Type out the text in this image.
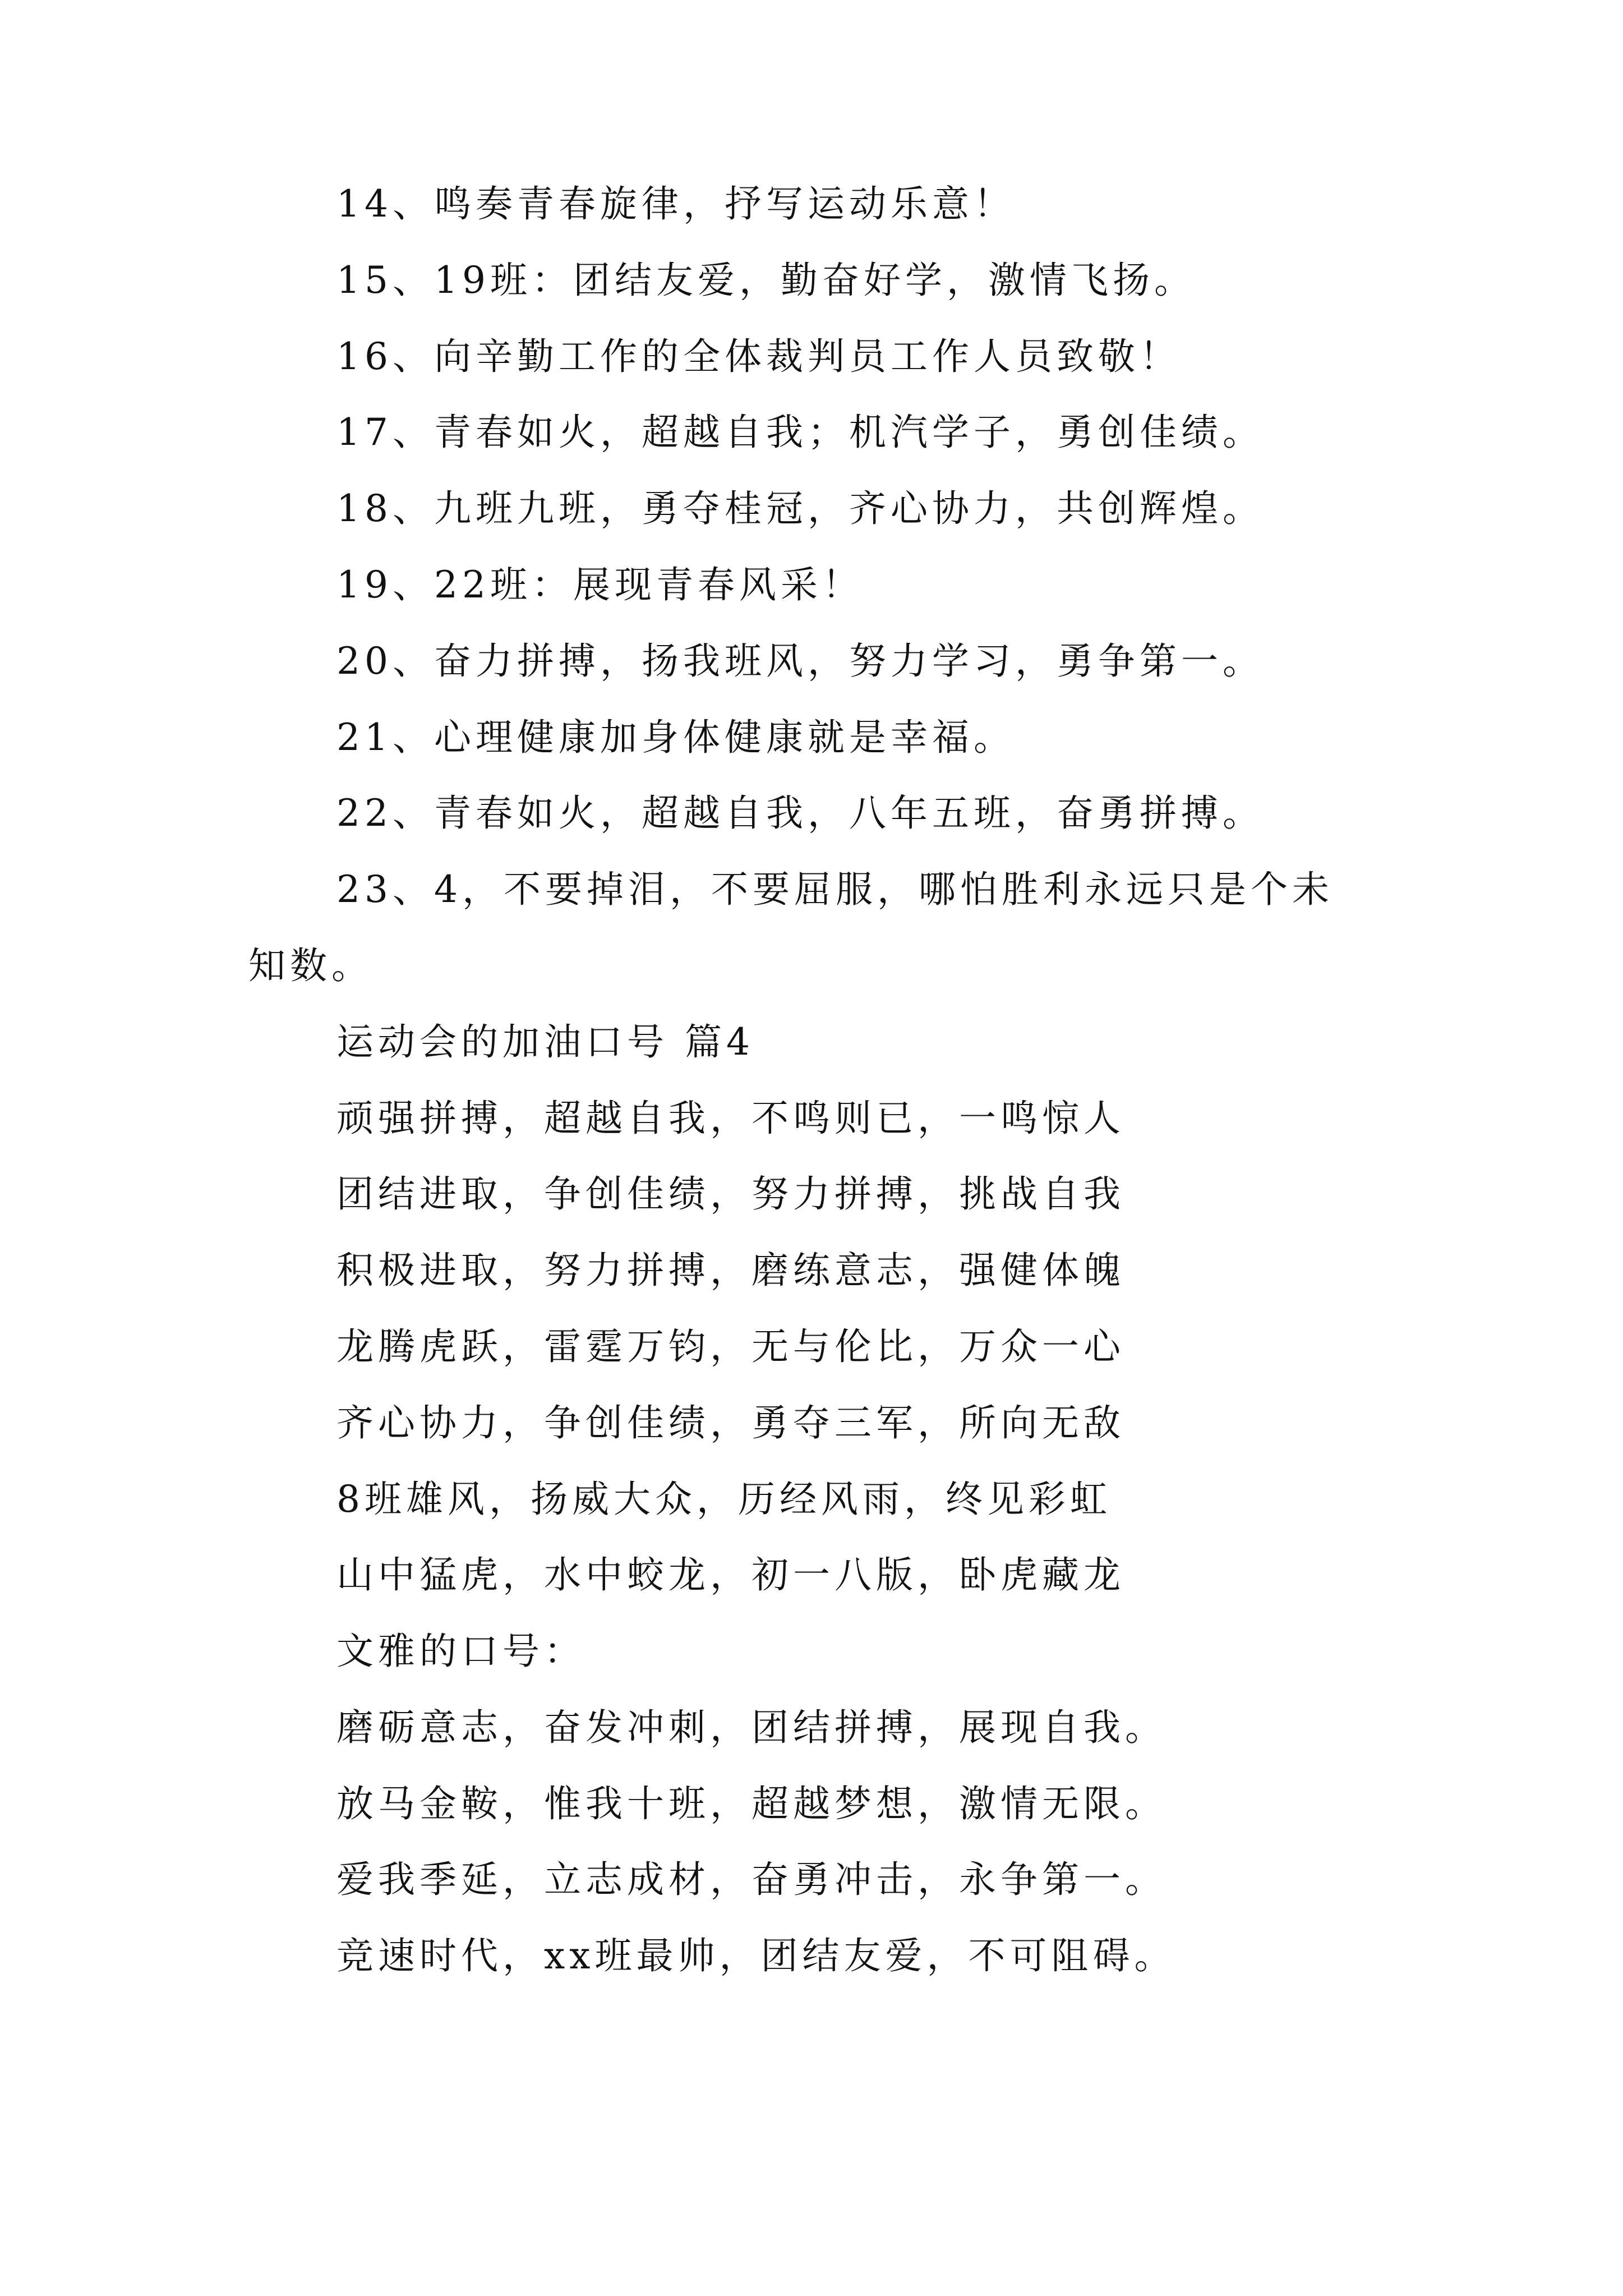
14、鸣奏青春旋律，抒写运动乐意！
15、19班：团结友爱，勤奋好学，激情飞扬。
16、向辛勤工作的全体裁判员工作人员致敬！
17、青春如火，超越自我；机汽学子，勇创佳绩。
18、九班九班，勇夺桂冠，齐心协力，共创辉煌。
19、22班：展现青春风采！
20、奋力拼搏，扬我班风，努力学习，勇争第一。
21、心理健康加身体健康就是幸福。
22、青春如火，超越自我，八年五班，奋勇拼搏。
23、4，不要掉泪，不要屈服，哪怕胜利永远只是个未
知数。
运动会的加油口号 篇4
顽强拼搏，超越自我，不鸣则已，一鸣惊人
团结进取，争创佳绩，努力拼搏，挑战自我
积极进取，努力拼搏，磨练意志，强健体魄
龙腾虎跃，雷霆万钧，无与伦比，万众一心
齐心协力，争创佳绩，勇夺三军，所向无敌
8班雄风，扬威大众，历经风雨，终见彩虹
山中猛虎，水中蛟龙，初一八版，卧虎藏龙
文雅的口号：
磨砺意志，奋发冲刺，团结拼搏，展现自我。
放马金鞍，惟我十班，超越梦想，激情无限。
爱我季延，立志成材，奋勇冲击，永争第一。
竞速时代，xx班最帅，团结友爱，不可阻碍。
